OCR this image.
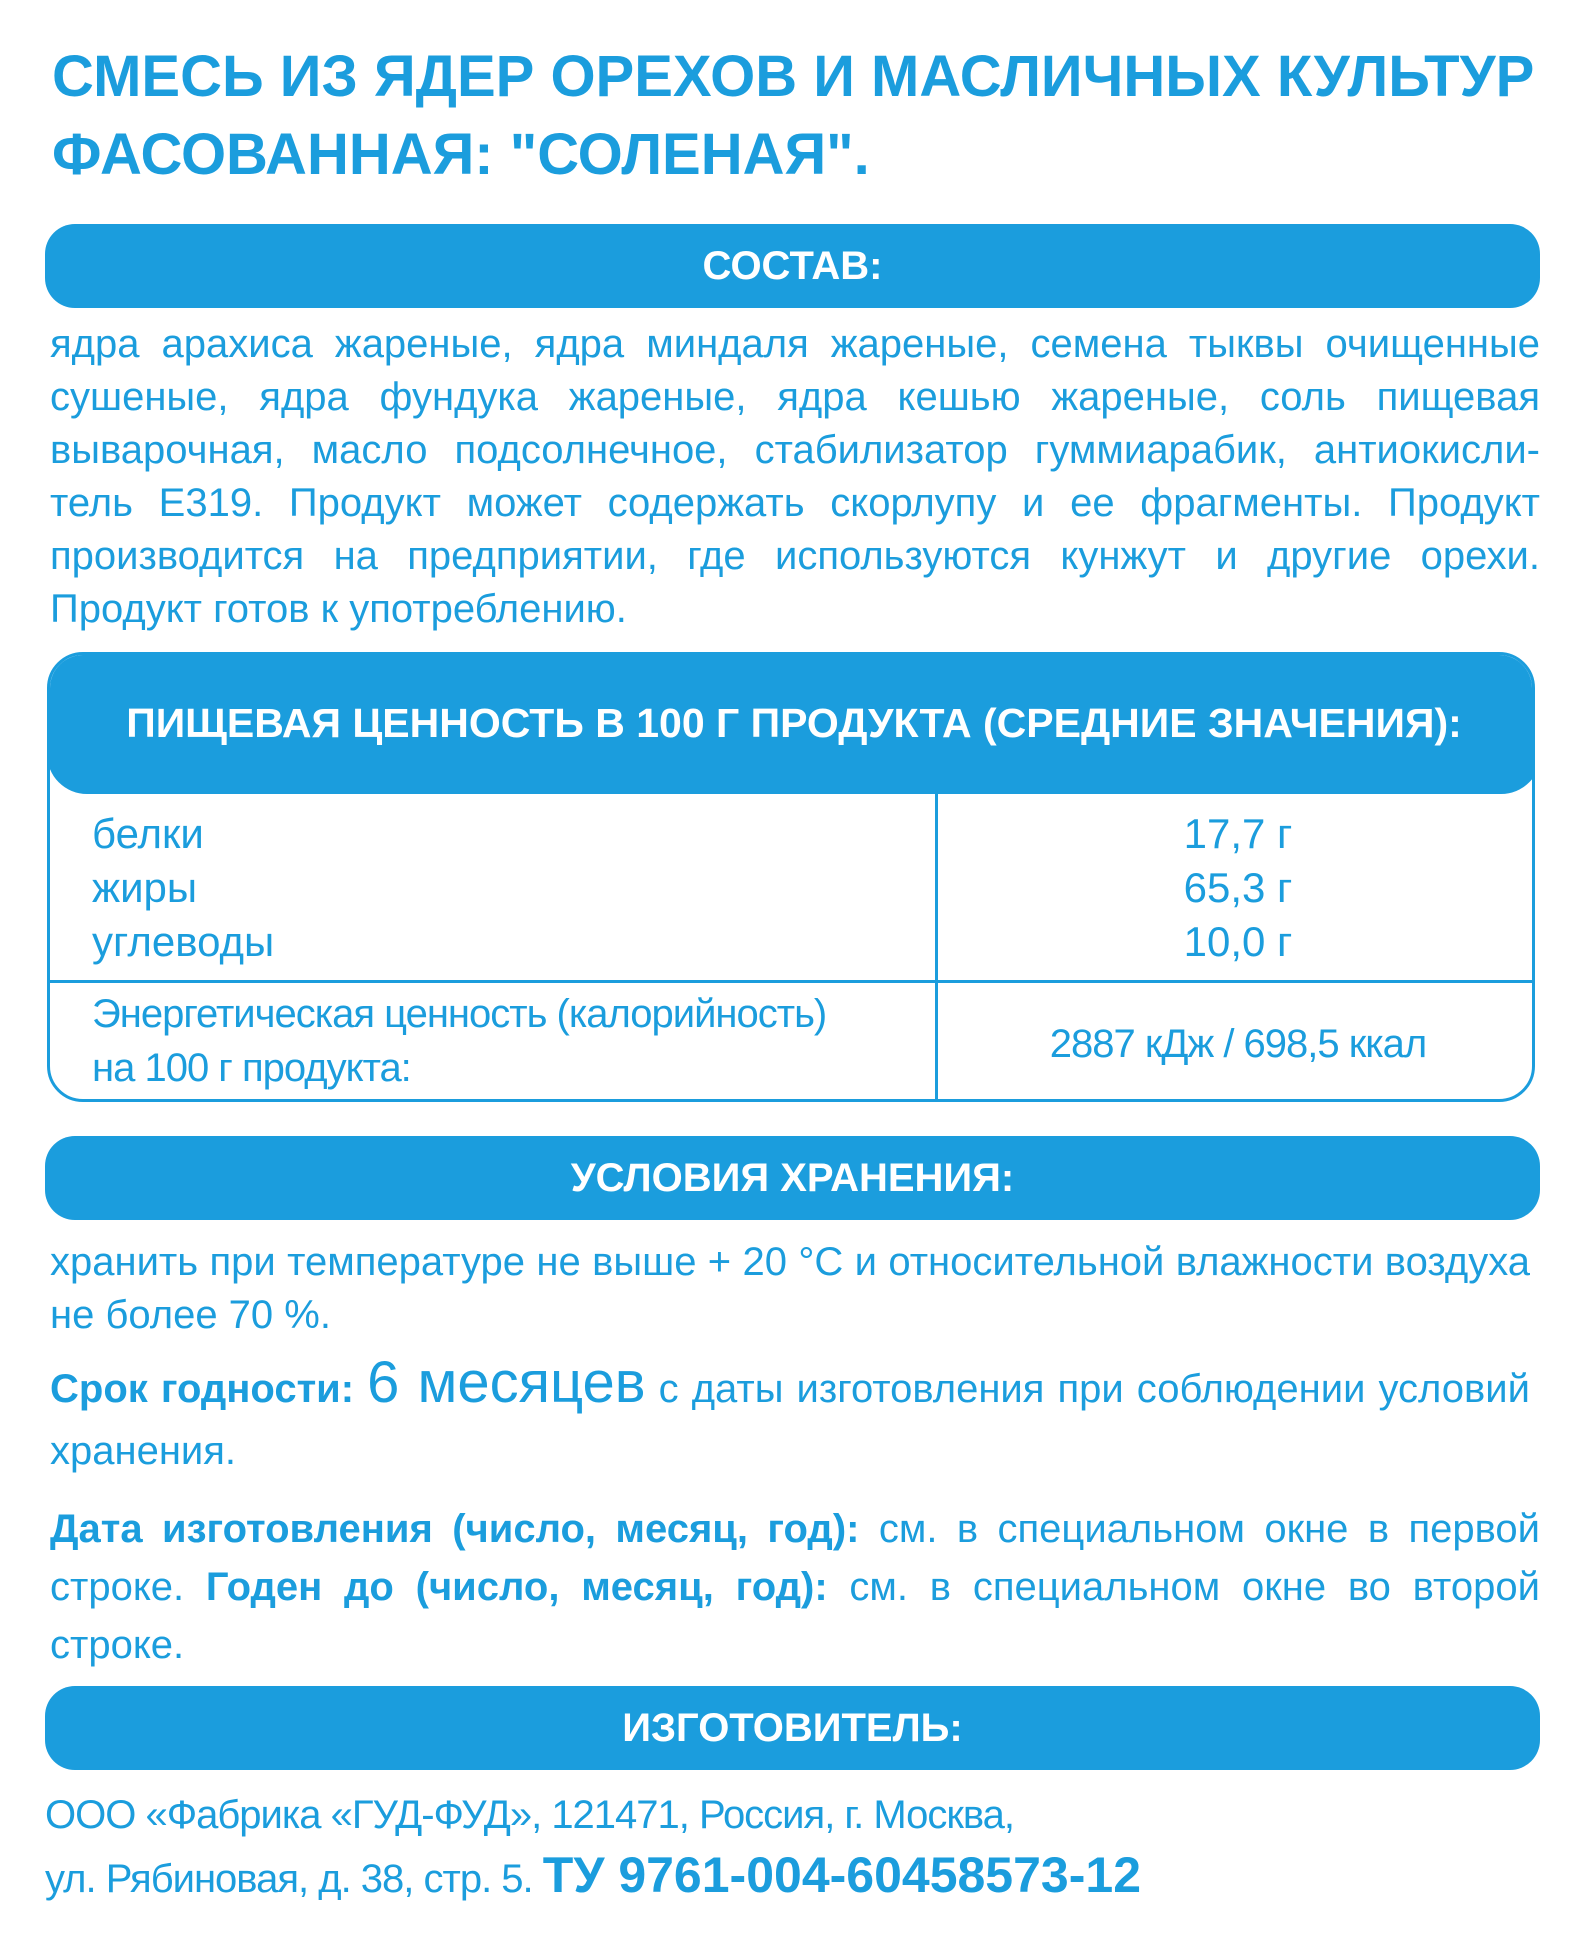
СМЕСЬ ИЗ ЯДЕР ОРЕХОВ И МАСЛИЧНЫХ КУЛЬТУР
ФАСОВАННАЯ: "СОЛЕНАЯ".
СОСТАВ:
ядра арахиса жареные, ядра миндаля жареные, семена тыквы очищенные сушеные, ядра фундука жареные, ядра кешью жареные, соль пищевая выварочная, масло подсолнечное, стабилизатор гуммиарабик, антиокисли-тель Е319. Продукт может содержать скорлупу и ее фрагменты. Продукт производится на предприятии, где используются кунжут и другие орехи. Продукт готов к употреблению.
ПИЩЕВАЯ ЦЕННОСТЬ В 100 Г ПРОДУКТА (СРЕДНИЕ ЗНАЧЕНИЯ):
белки
жиры
углеводы
17,7 г
65,3 г
10,0 г
Энергетическая ценность (калорийность)
на 100 г продукта:
2887 кДж / 698,5 ккал
УСЛОВИЯ ХРАНЕНИЯ:
хранить при температуре не выше + 20 °С и относительной влажности воздуха не более 70 %.
Срок годности: 6 месяцев с даты изготовления при соблюдении условий хранения.
Дата изготовления (число, месяц, год): см. в специальном окне в первой строке. Годен до (число, месяц, год): см. в специальном окне во второй строке.
ИЗГОТОВИТЕЛЬ:
ООО «Фабрика «ГУД-ФУД», 121471, Россия, г. Москва,
ул. Рябиновая, д. 38, стр. 5. ТУ 9761-004-60458573-12
